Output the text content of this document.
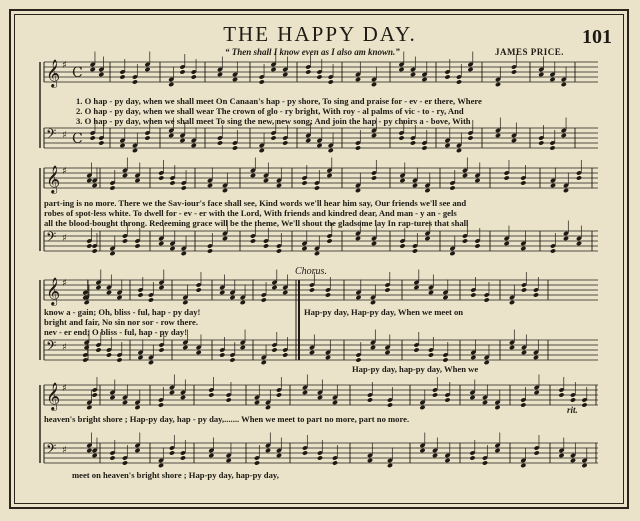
THE HAPPY DAY.	101
“ Then shall I know even as I also am known.”	JAMES PRICE.
𝄞 ♯ C
𝄢 ♯ C
𝄞 ♯
𝄢 ♯
𝄞 ♯
𝄢 ♯
𝄞 ♯
𝄢 ♯
1. O hap - py day, when we shall meet On Canaan's hap - py shore, To sing and praise for - ev - er there, Where
2. O hap - py day, when we shall wear The crown of glo - ry bright, With roy - al palms of vic - to - ry, And
3. O hap - py day, when we shall meet To sing the new, new song; And join the hap - py choirs a - bove, With
part-ing is no more. There we the Sav-iour's face shall see, Kind words we'll hear him say, Our friends we'll see and
robes of spot-less white. To dwell for - ev - er with the Lord, With friends and kindred dear, And man - y an - gels
all the blood-bought throng. Redeeming grace will be the theme, We'll shout the gladsome lay In rap-tures that shall
Chorus.
know a - gain; Oh, bliss - ful, hap - py day!
bright and fair, No sin nor sor - row there.
nev - er end; O bliss - ful, hap - py day!
Hap-py day, Hap-py day, When we meet on
Hap-py day, hap-py day, When we
rit.
heaven's bright shore ; Hap-py day, hap - py day,....... When we meet to part no more, part no more.
meet on heaven's bright shore ; Hap-py day, hap-py day,
